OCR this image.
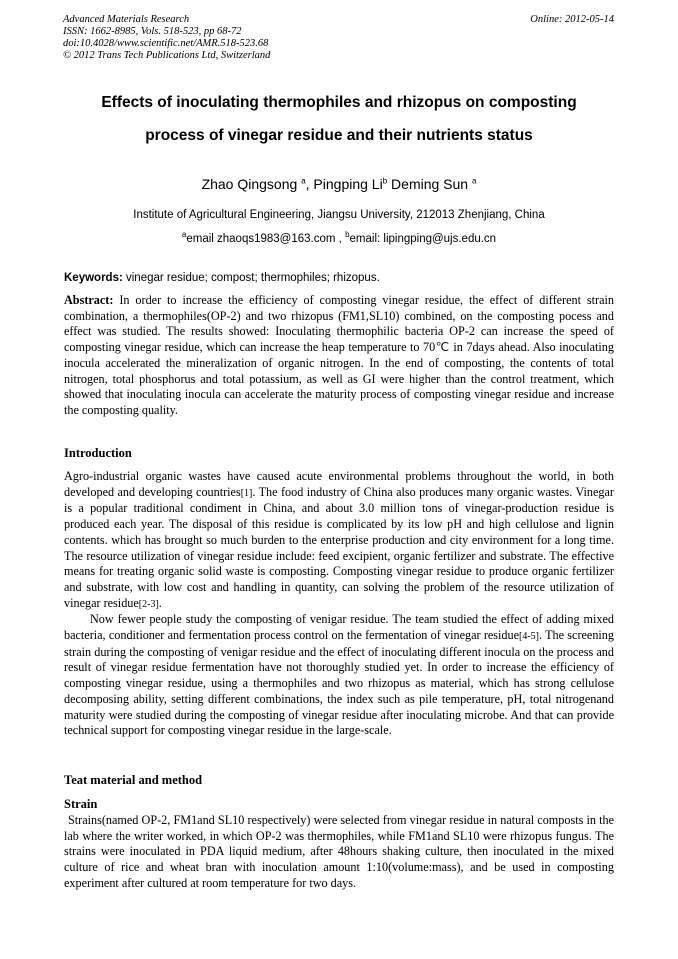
Advanced Materials Research
ISSN: 1662-8985, Vols. 518-523, pp 68-72
doi:10.4028/www.scientific.net/AMR.518-523.68
© 2012 Trans Tech Publications Ltd, Switzerland
Online: 2012-05-14
Effects of inoculating thermophiles and rhizopus on composting
process of vinegar residue and their nutrients status
Zhao Qingsong $^a$, Pingping Li$^b$ Deming Sun $^a$
Institute of Agricultural Engineering, Jiangsu University, 212013 Zhenjiang, China
$^a$email zhaoqs1983@163.com , $^b$email: lipingping@ujs.edu.cn
Keywords: vinegar residue; compost; thermophiles; rhizopus.

Abstract: In order to increase the efficiency of composting vinegar residue, the effect of different strain combination, a thermophiles(OP-2) and two rhizopus (FM1,SL10) combined, on the composting pocess and effect was studied. The results showed: Inoculating thermophilic bacteria OP-2 can increase the speed of composting vinegar residue, which can increase the heap temperature to 70℃ in 7days ahead. Also inoculating inocula accelerated the mineralization of organic nitrogen. In the end of composting, the contents of total nitrogen, total phosphorus and total potassium, as well as GI were higher than the control treatment, which showed that inoculating inocula can accelerate the maturity process of composting vinegar residue and increase the composting quality.

Introduction

Agro-industrial organic wastes have caused acute environmental problems throughout the world, in both developed and developing countries[1]. The food industry of China also produces many organic wastes. Vinegar is a popular traditional condiment in China, and about 3.0 million tons of vinegar-production residue is produced each year. The disposal of this residue is complicated by its low pH and high cellulose and lignin contents. which has brought so much burden to the enterprise production and city environment for a long time. The resource utilization of vinegar residue include: feed excipient, organic fertilizer and substrate. The effective means for treating organic solid waste is composting. Composting vinegar residue to produce organic fertilizer and substrate, with low cost and handling in quantity, can solving the problem of the resource utilization of vinegar residue[2-3].

Now fewer people study the composting of venigar residue. The team studied the effect of adding mixed bacteria, conditioner and fermentation process control on the fermentation of vinegar residue[4-5]. The screening strain during the composting of venigar residue and the effect of inoculating different inocula on the process and result of vinegar residue fermentation have not thoroughly studied yet. In order to increase the efficiency of composting vinegar residue, using a thermophiles and two rhizopus as material, which has strong cellulose decomposing ability, setting different combinations, the index such as pile temperature, pH, total nitrogenand maturity were studied during the composting of vinegar residue after inoculating microbe. And that can provide technical support for composting vinegar residue in the large-scale.

Teat material and method
Strain

Strains(named OP-2, FM1and SL10 respectively) were selected from vinegar residue in natural composts in the lab where the writer worked, in which OP-2 was thermophiles, while FM1and SL10 were rhizopus fungus. The strains were inoculated in PDA liquid medium, after 48hours shaking culture, then inoculated in the mixed culture of rice and wheat bran with inoculation amount 1:10(volume:mass), and be used in composting experiment after cultured at room temperature for two days.
